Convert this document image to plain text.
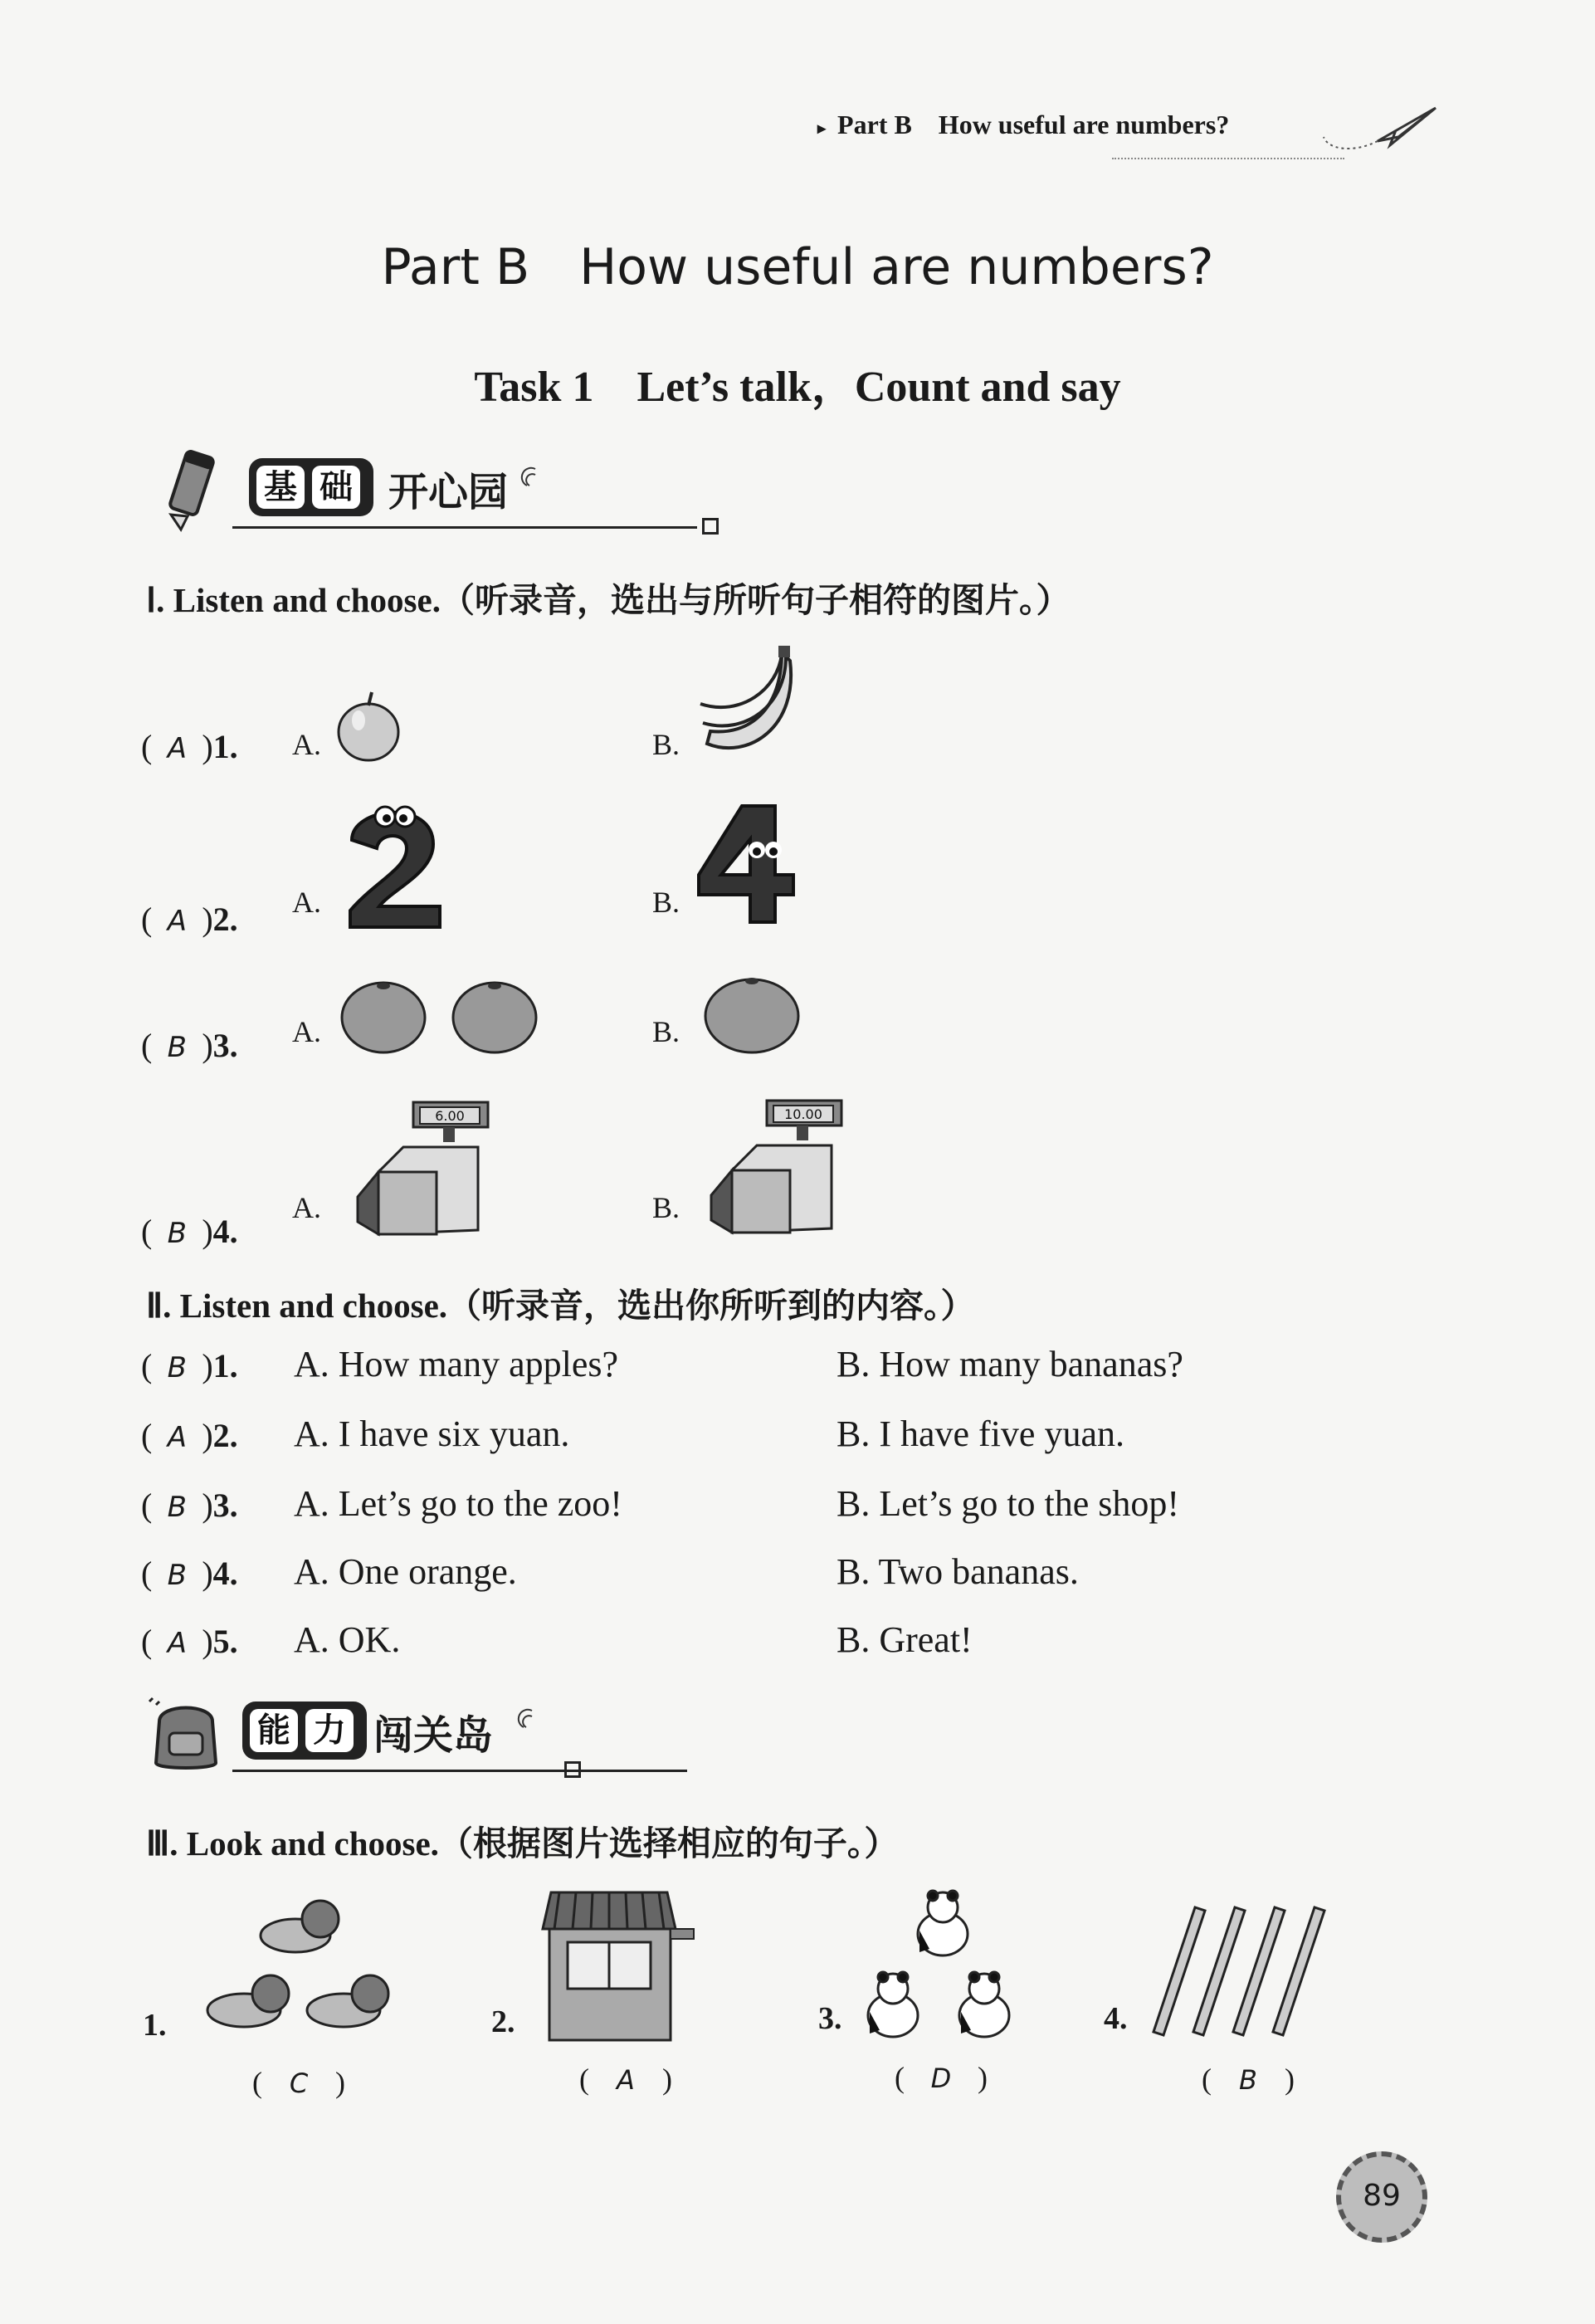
▸ Part B How useful are numbers?
Part B　How useful are numbers?
Task 1　Let’s talk，Count and say
基 础 开心园
Ⅰ. Listen and choose.（听录音，选出与所听句子相符的图片。）
( A )1. A.	B.
( A )2. A.	B.
( B )3. A.	B.
( B )4.
A.
6.00
B.
10.00
Ⅱ. Listen and choose.（听录音，选出你所听到的内容。）
( B )1. A. How many apples?	B. How many bananas?
( A )2. A. I have six yuan.	B. I have five yuan.
( B )3. A. Let’s go to the zoo!	B. Let’s go to the shop!
( B )4. A. One orange.	B. Two bananas.
( A )5. A. OK.	B. Great!
能 力 闯关岛
Ⅲ. Look and choose.（根据图片选择相应的句子。）
1.
( C )
2.
( A )
3.
( D )
4.
( B )
89
